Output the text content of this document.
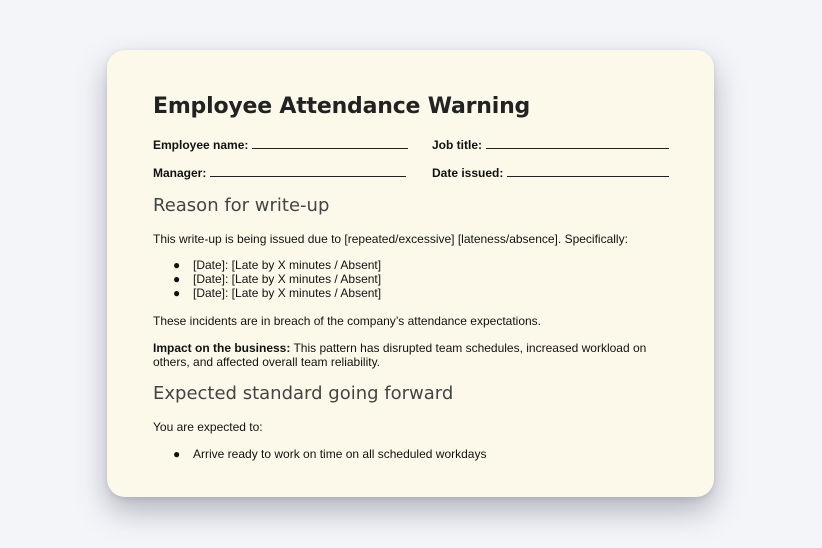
Employee Attendance Warning
Employee name:	Job title:
Manager:	Date issued:
Reason for write-up

This write-up is being issued due to [repeated/excessive] [lateness/absence]. Specifically:

● [Date]: [Late by X minutes / Absent]
● [Date]: [Late by X minutes / Absent]
● [Date]: [Late by X minutes / Absent]

These incidents are in breach of the company’s attendance expectations.

Impact on the business: This pattern has disrupted team schedules, increased workload on others, and affected overall team reliability.

Expected standard going forward

You are expected to:

● Arrive ready to work on time on all scheduled workdays
